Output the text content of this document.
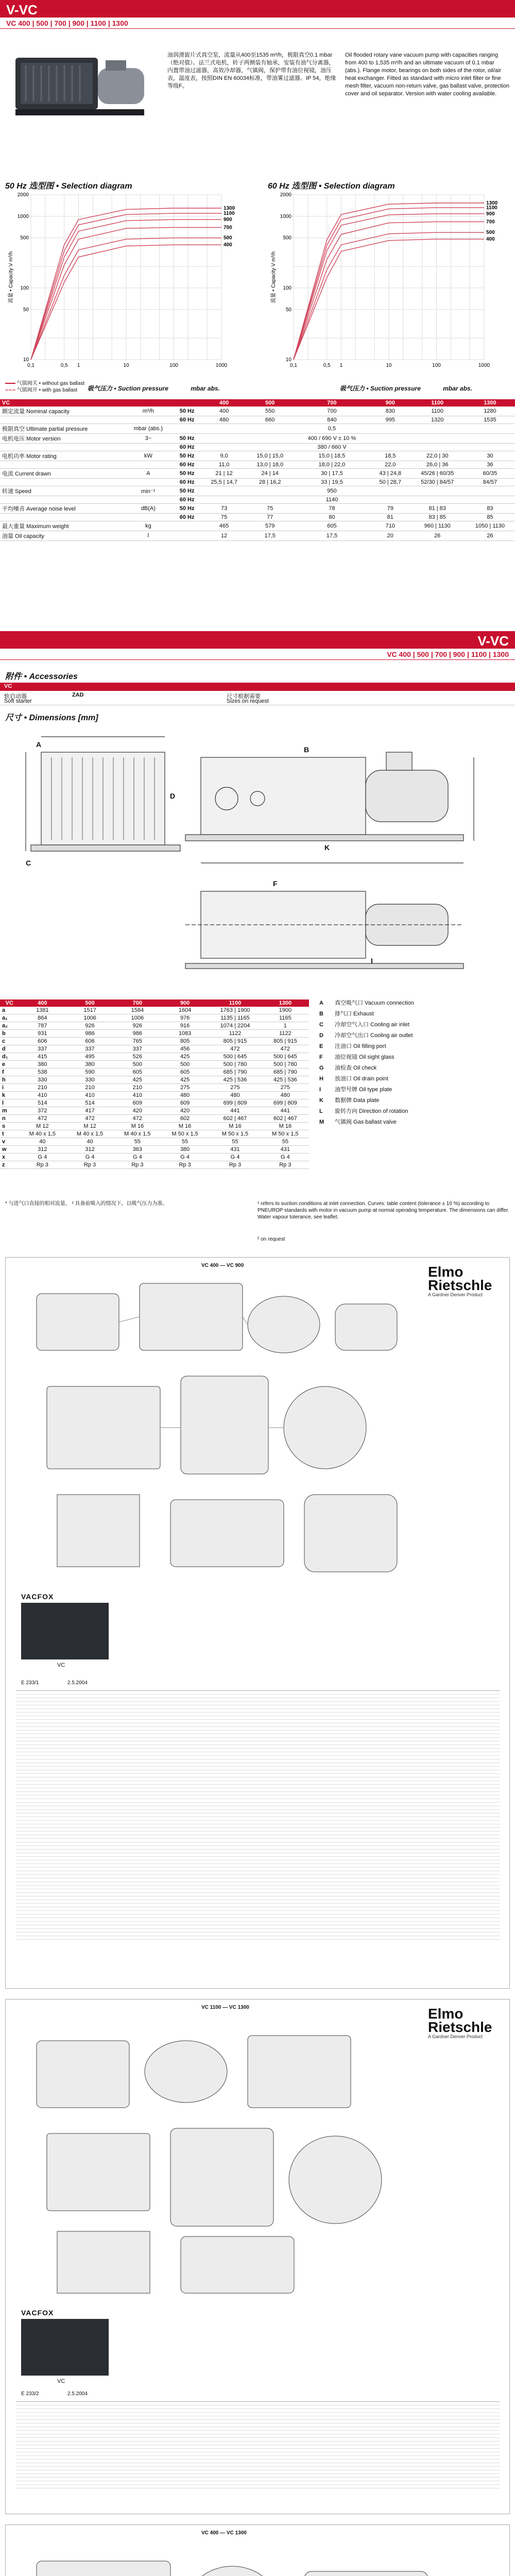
V-VC
VC 400 | 500 | 700 | 900 | 1100 | 1300
油润滑旋片式真空泵，流量从400至1535 m³/h，极限真空0.1 mbar（绝对值）。法兰式电机，转子两侧装有轴承，安装有油气分离器，内置带油过滤器，高效冷却器，气镇阀，保护带有油位视镜，油压表，温度表，按照DIN EN 60034标准，带油雾过滤器。IP 54，绝缘等级F。
Oil flooded rotary vane vacuum pump with capacities ranging from 400 to 1,535 m³/h and an ultimate vacuum of 0.1 mbar (abs.). Flange motor, bearings on both sides of the rotor, oil/air heat exchanger. Fitted as standard with micro inlet filter or fine mesh filter, vacuum non-return valve, gas ballast valve, protection cover and oil separator. Version with water cooling available.
50 Hz 选型图 • Selection diagram	60 Hz 选型图 • Selection diagram
0,1	0,5 1	10	100	1000
10
50
100
500
1000
2000
流量 • Capacity V m³/h
1300
1100
900
700
500
400
0,1	0,5 1	10	100	1000
10
50
100
500
1000
2000
流量 • Capacity V m³/h
1300
1100
900
700
500
400
气镇阀关 • without gas ballast
气镇阀开 • with gas ballast	吸气压力 • Suction pressure	mbar abs.	吸气压力 • Suction pressure	mbar abs.
VC			400	500	700	900	1100	1300
额定流量 Nominal capacity	m³/h	50 Hz	400	550	700	830	1100	1280
		60 Hz	480	660	840	995	1320	1535
极限真空 Ultimate partial pressure	mbar (abs.)				0,5			
电机电压 Motor version	3~	50 Hz			400 / 690 V ± 10 %			
		60 Hz			380 / 660 V			
电机功率 Motor rating	kW	50 Hz	9,0	15,0 | 15,0	15,0 | 18,5	18,5	22,0 | 30	30
		60 Hz	11,0	13,0 | 18,0	18,0 | 22,0	22,0	26,0 | 36	36
电流 Current drawn	A	50 Hz	21 | 12	24 | 14	30 | 17,5	43 | 24,8	45/26 | 60/35	60/35
		60 Hz	25,5 | 14,7	28 | 16,2	33 | 19,5	50 | 28,7	52/30 | 84/57	84/57
转速 Speed	min⁻¹	50 Hz			950			
		60 Hz			1140			
平均噪音 Average noise level	dB(A)	50 Hz	73	75	78	79	81 | 83	83
		60 Hz	75	77	80	81	83 | 85	85
最大重量 Maximum weight	kg		465	579	605	710	960 | 1130	1050 | 1130
油量 Oil capacity	l		12	17,5	17,5	20	26	26
V-VC
VC 400 | 500 | 700 | 900 | 1100 | 1300
附件 • Accessories
VC
软启动器
Soft starter
ZAD	尺寸根据需要
Sizes on request
尺寸 • Dimensions [mm]
A
D
C
B
K
F
I
VC	400	500	700	900	1100	1300
a	1381	1517	1584	1604	1763 | 1900	1900
a₁	864	1006	1006	976	1135 | 1165	1165
a₂	787	926	926	916	1074 | 2204	1
b	931	986	986	1083	1122	1122
c	606	606	765	805	805 | 915	805 | 915
d	337	337	337	456	472	472
d₁	415	495	526	425	500 | 645	500 | 645
e	380	380	500	500	500 | 780	500 | 780
f	538	590	605	605	685 | 790	685 | 790
h	330	330	425	425	425 | 536	425 | 536
i	210	210	210	275	275	275
k	410	410	410	480	480	480
l	514	514	609	609	699 | 809	699 | 809
m	372	417	420	420	441	441
n	472	472	472	602	602 | 467	602 | 467
s	M 12	M 12	M 16	M 16	M 16	M 16
t	M 40 x 1,5	M 40 x 1,5	M 40 x 1,5	M 50 x 1,5	M 50 x 1,5	M 50 x 1,5
v	40	40	55	55	55	55
w	312	312	363	380	431	431
x	G 4	G 4	G 4	G 4	G 4	G 4
z	Rp 3	Rp 3	Rp 3	Rp 3	Rp 3	Rp 3
A	真空吸气口 Vacuum connection
B	排气口 Exhaust
C	冷却空气入口 Cooling air inlet
D	冷却空气出口 Cooling air outlet
E	注油口 Oil filling port
F	油位视镜 Oil sight glass
G	油检查 Oil check
H	放油口 Oil drain point
I	油型号牌 Oil type plate
K	数据牌 Data plate
L	旋转方向 Direction of rotation
M	气镇阀 Gas ballast valve
* 与进气口直接的相对流量， ¹ 具备前吸入的情况下，以吸气压力为准。	¹ refers to suction conditions at inlet connection. Curves: table content (tolerance ± 10 %) according to PNEUROP standards with motor in vacuum pump at normal operating temperature. The dimensions can differ. Water vapour tolerance, see leaflet.
² on request
VC 400 — VC 900	Elmo
Rietschle
A Gardner Denver Product
VACFOX
VC
E 233/1	2.5.2004
VC 1100 — VC 1300	Elmo
Rietschle
A Gardner Denver Product
VACFOX
VC
E 233/2	2.5.2004
VC 400 — VC 1300
